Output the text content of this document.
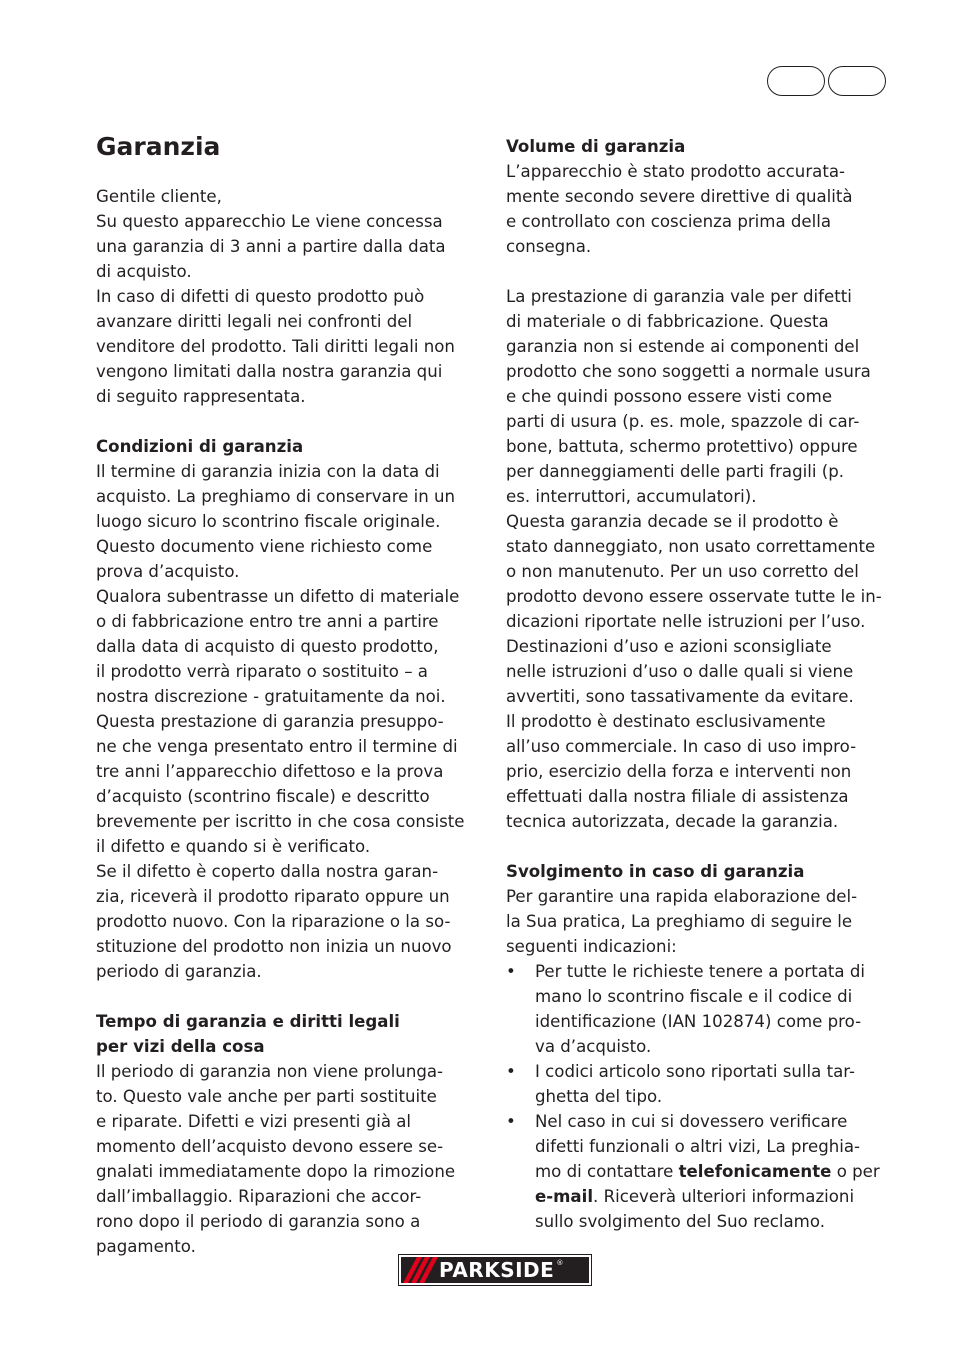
Garanzia

Gentile cliente,
Su questo apparecchio Le viene concessa
una garanzia di 3 anni a partire dalla data
di acquisto.
In caso di difetti di questo prodotto può
avanzare diritti legali nei confronti del
venditore del prodotto. Tali diritti legali non
vengono limitati dalla nostra garanzia qui
di seguito rappresentata.

Condizioni di garanzia

Il termine di garanzia inizia con la data di
acquisto. La preghiamo di conservare in un
luogo sicuro lo scontrino fiscale originale.
Questo documento viene richiesto come
prova d’acquisto.
Qualora subentrasse un difetto di materiale
o di fabbricazione entro tre anni a partire
dalla data di acquisto di questo prodotto,
il prodotto verrà riparato o sostituito – a
nostra discrezione - gratuitamente da noi.
Questa prestazione di garanzia presuppo-
ne che venga presentato entro il termine di
tre anni l’apparecchio difettoso e la prova
d’acquisto (scontrino fiscale) e descritto
brevemente per iscritto in che cosa consiste
il difetto e quando si è verificato.
Se il difetto è coperto dalla nostra garan-
zia, riceverà il prodotto riparato oppure un
prodotto nuovo. Con la riparazione o la so-
stituzione del prodotto non inizia un nuovo
periodo di garanzia.

Tempo di garanzia e diritti legali
per vizi della cosa

Il periodo di garanzia non viene prolunga-
to. Questo vale anche per parti sostituite
e riparate. Difetti e vizi presenti già al
momento dell’acquisto devono essere se-
gnalati immediatamente dopo la rimozione
dall’imballaggio. Riparazioni che accor-
rono dopo il periodo di garanzia sono a
pagamento.

Volume di garanzia

L’apparecchio è stato prodotto accurata-
mente secondo severe direttive di qualità
e controllato con coscienza prima della
consegna.

La prestazione di garanzia vale per difetti
di materiale o di fabbricazione. Questa
garanzia non si estende ai componenti del
prodotto che sono soggetti a normale usura
e che quindi possono essere visti come
parti di usura (p. es. mole, spazzole di car-
bone, battuta, schermo protettivo) oppure
per danneggiamenti delle parti fragili (p.
es. interruttori, accumulatori).
Questa garanzia decade se il prodotto è
stato danneggiato, non usato correttamente
o non manutenuto. Per un uso corretto del
prodotto devono essere osservate tutte le in-
dicazioni riportate nelle istruzioni per l’uso.
Destinazioni d’uso e azioni sconsigliate
nelle istruzioni d’uso o dalle quali si viene
avvertiti, sono tassativamente da evitare.
Il prodotto è destinato esclusivamente
all’uso commerciale. In caso di uso impro-
prio, esercizio della forza e interventi non
effettuati dalla nostra filiale di assistenza
tecnica autorizzata, decade la garanzia.

Svolgimento in caso di garanzia

Per garantire una rapida elaborazione del-
la Sua pratica, La preghiamo di seguire le
seguenti indicazioni:

• Per tutte le richieste tenere a portata di
mano lo scontrino fiscale e il codice di
identificazione (IAN 102874) come pro-
va d’acquisto.
• I codici articolo sono riportati sulla tar-
ghetta del tipo.
• Nel caso in cui si dovessero verificare
difetti funzionali o altri vizi, La preghia-
mo di contattare telefonicamente o per
e-mail. Riceverà ulteriori informazioni
sullo svolgimento del Suo reclamo.
PARKSIDE ®
